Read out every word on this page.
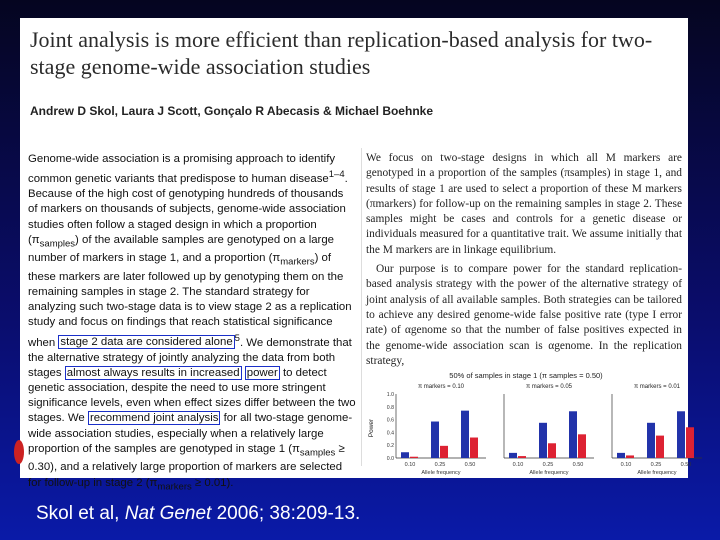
Joint analysis is more efficient than replication-based analysis for two-stage genome-wide association studies
Andrew D Skol, Laura J Scott, Gonçalo R Abecasis & Michael Boehnke

Genome-wide association is a promising approach to identify common genetic variants that predispose to human disease$^{1-4}$. Because of the high cost of genotyping hundreds of thousands of markers on thousands of subjects, genome-wide association studies often follow a staged design in which a proportion $(\pi_{samples})$ of the available samples are genotyped on a large number of markers in stage 1, and a proportion $(\pi_{markers})$ of these markers are later followed up by genotyping them on the remaining samples in stage 2. The standard strategy for analyzing such two-stage data is to view stage 2 as a replication study and focus on findings that reach statistical significance when stage 2 data are considered alone $^5$. We demonstrate that the alternative strategy of jointly analyzing the data from both stages almost always results in increased power to detect genetic association, despite the need to use more stringent significance levels, even when effect sizes differ between the two stages. We recommend joint analysis for all two-stage genome-wide association studies, especially when a relatively large proportion of the samples are genotyped in stage 1 $(\pi_{samples} \ge 0.30)$, and a relatively large proportion of markers are selected for follow-up in stage 2 $(\pi_{markers} \ge 0.01)$.

We focus on two-stage designs in which all M markers are genotyped in a proportion of the samples (πsamples) in stage 1, and results of stage 1 are used to select a proportion of these M markers (πmarkers) for follow-up on the remaining samples in stage 2. These samples might be cases and controls for a genetic disease or individuals measured for a quantitative trait. We assume initially that the M markers are in linkage equilibrium.

Our purpose is to compare power for the standard replication-based analysis strategy with the power of the alternative strategy of joint analysis of all available samples. Both strategies can be tailored to achieve any desired genome-wide false positive rate (type I error rate) of αgenome so that the number of false positives expected in the genome-wide association scan is αgenome. In the replication strategy,

50% of samples in stage 1 (π samples = 0.50)
Power
0.0
0.2
0.4
0.6
0.8
1.0
π markers = 0.10
0.10	0.25	0.50
Allele frequency
π markers = 0.05
0.10	0.25	0.50
Allele frequency
π markers = 0.01
0.10	0.25	0.50
Allele frequency
Skol et al, Nat Genet 2006; 38:209-13.
